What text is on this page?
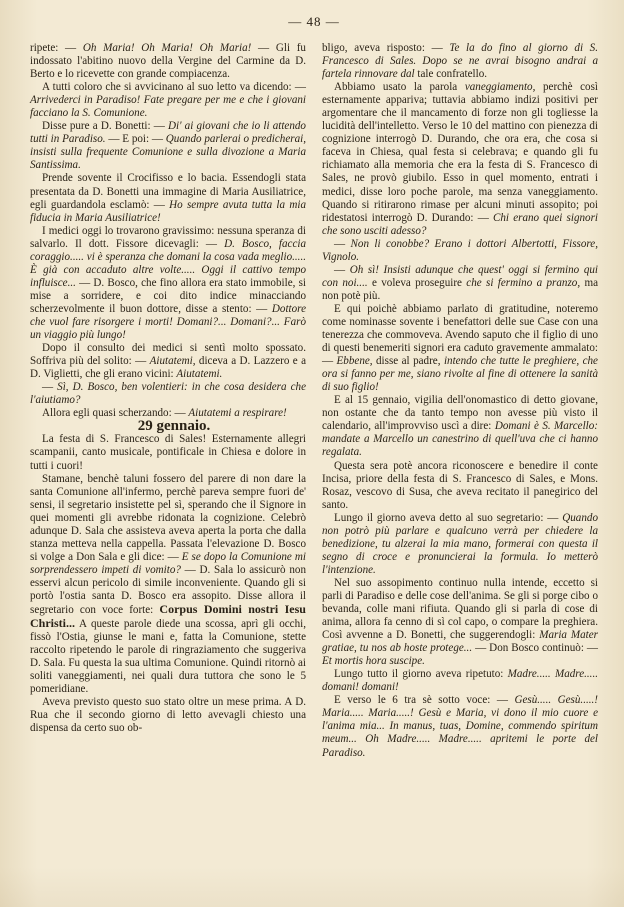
— 48 —

ripete: — Oh Maria! Oh Maria! Oh Maria! — Gli fu indossato l'abitino nuovo della Vergine del Carmine da D. Berto e lo ricevette con grande compiacenza.

A tutti coloro che si avvicinano al suo letto va dicendo: — Arrivederci in Paradiso! Fate pregare per me e che i giovani facciano la S. Comunione.

Disse pure a D. Bonetti: — Di' ai giovani che io li attendo tutti in Paradiso. — E poi: — Quando parlerai o predicherai, insisti sulla frequente Comunione e sulla divozione a Maria Santissima.

Prende sovente il Crocifisso e lo bacia. Essendogli stata presentata da D. Bonetti una immagine di Maria Ausiliatrice, egli guardandola esclamò: — Ho sempre avuta tutta la mia fiducia in Maria Ausiliatrice!

I medici oggi lo trovarono gravissimo: nessuna speranza di salvarlo. Il dott. Fissore dicevagli: — D. Bosco, faccia coraggio..... vi è speranza che domani la cosa vada meglio..... È già con accaduto altre volte..... Oggi il cattivo tempo influisce... — D. Bosco, che fino allora era stato immobile, si mise a sorridere, e coi dito indice minacciando scherzevolmente il buon dottore, disse a stento: — Dottore che vuol fare risorgere i morti! Domani?... Domani?... Farò un viaggio più lungo!

Dopo il consulto dei medici si sentì molto spossato. Soffriva più del solito: — Aiutatemi, diceva a D. Lazzero e a D. Viglietti, che gli erano vicini: Aiutatemi.

— Sì, D. Bosco, ben volentieri: in che cosa desidera che l'aiutiamo?

Allora egli quasi scherzando: — Aiutatemi a respirare!

29 gennaio.

La festa di S. Francesco di Sales! Esternamente allegri scampanii, canto musicale, pontificale in Chiesa e dolore in tutti i cuori!

Stamane, benchè taluni fossero del parere di non dare la santa Comunione all'infermo, perchè pareva sempre fuori de' sensi, il segretario insistette pel sì, sperando che il Signore in quei momenti gli avrebbe ridonata la cognizione. Celebrò adunque D. Sala che assisteva aveva aperta la porta che dalla stanza metteva nella cappella. Passata l'elevazione D. Bosco si volge a Don Sala e gli dice: — E se dopo la Comunione mi sorprendessero impeti di vomito? — D. Sala lo assicurò non esservi alcun pericolo di simile inconveniente. Quando gli si portò l'ostia santa D. Bosco era assopito. Disse allora il segretario con voce forte: Corpus Domini nostri Iesu Christi... A queste parole diede una scossa, aprì gli occhi, fissò l'Ostia, giunse le mani e, fatta la Comunione, stette raccolto ripetendo le parole di ringraziamento che suggeriva D. Sala. Fu questa la sua ultima Comunione. Quindi ritornò ai soliti vaneggiamenti, nei quali dura tuttora che sono le 5 pomeridiane.

Aveva previsto questo suo stato oltre un mese prima. A D. Rua che il secondo giorno di letto avevagli chiesto una dispensa da certo suo ob-

bligo, aveva risposto: — Te la do fino al giorno di S. Francesco di Sales. Dopo se ne avrai bisogno andrai a fartela rinnovare dal tale confratello.

Abbiamo usato la parola vaneggiamento, perchè così esternamente appariva; tuttavia abbiamo indizi positivi per argomentare che il mancamento di forze non gli togliesse la lucidità dell'intelletto. Verso le 10 del mattino con pienezza di cognizione interrogò D. Durando, che ora era, che cosa si faceva in Chiesa, qual festa si celebrava; e quando gli fu richiamato alla memoria che era la festa di S. Francesco di Sales, ne provò giubilo. Esso in quel momento, entrati i medici, disse loro poche parole, ma senza vaneggiamento. Quando si ritirarono rimase per alcuni minuti assopito; poi ridestatosi interrogò D. Durando: — Chi erano quei signori che sono usciti adesso?

— Non li conobbe? Erano i dottori Albertotti, Fissore, Vignolo.

— Oh sì! Insisti adunque che quest' oggi si fermino qui con noi.... e voleva proseguire che si fermino a pranzo, ma non potè più.

E qui poichè abbiamo parlato di gratitudine, noteremo come nominasse sovente i benefattori delle sue Case con una tenerezza che commoveva. Avendo saputo che il figlio di uno di questi benemeriti signori era caduto gravemente ammalato: — Ebbene, disse al padre, intendo che tutte le preghiere, che ora si fanno per me, siano rivolte al fine di ottenere la sanità di suo figlio!

E al 15 gennaio, vigilia dell'onomastico di detto giovane, non ostante che da tanto tempo non avesse più visto il calendario, all'improvviso uscì a dire: Domani è S. Marcello: mandate a Marcello un canestrino di quell'uva che ci hanno regalata.

Questa sera potè ancora riconoscere e benedire il conte Incisa, priore della festa di S. Francesco di Sales, e Mons. Rosaz, vescovo di Susa, che aveva recitato il panegirico del santo.

Lungo il giorno aveva detto al suo segretario: — Quando non potrò più parlare e qualcuno verrà per chiedere la benedizione, tu alzerai la mia mano, formerai con questa il segno di croce e pronuncierai la formula. Io metterò l'intenzione.

Nel suo assopimento continuo nulla intende, eccetto si parli di Paradiso e delle cose dell'anima. Se gli si porge cibo o bevanda, colle mani rifiuta. Quando gli si parla di cose di anima, allora fa cenno di sì col capo, o compare la preghiera. Così avvenne a D. Bonetti, che suggerendogli: Maria Mater gratiae, tu nos ab hoste protege... — Don Bosco continuò: — Et mortis hora suscipe.

Lungo tutto il giorno aveva ripetuto: Madre..... Madre..... domani! domani!

E verso le 6 tra sè sotto voce: — Gesù..... Gesù.....! Maria..... Maria.....! Gesù e Maria, vi dono il mio cuore e l'anima mia... In manus, tuas, Domine, commendo spiritum meum... Oh Madre..... Madre..... apritemi le porte del Paradiso.
